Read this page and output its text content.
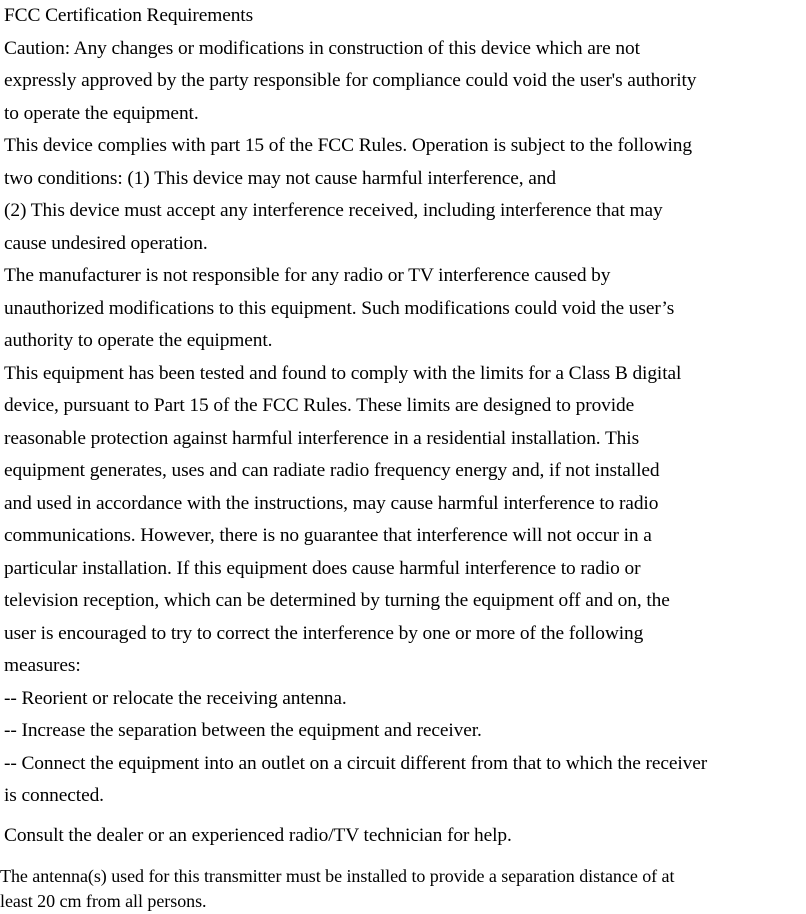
FCC Certification Requirements
Caution: Any changes or modifications in construction of this device which are not
expressly approved by the party responsible for compliance could void the user's authority
to operate the equipment.
This device complies with part 15 of the FCC Rules. Operation is subject to the following
two conditions: (1) This device may not cause harmful interference, and
(2) This device must accept any interference received, including interference that may
cause undesired operation.
The manufacturer is not responsible for any radio or TV interference caused by
unauthorized modifications to this equipment. Such modifications could void the user’s
authority to operate the equipment.
This equipment has been tested and found to comply with the limits for a Class B digital
device, pursuant to Part 15 of the FCC Rules. These limits are designed to provide
reasonable protection against harmful interference in a residential installation. This
equipment generates, uses and can radiate radio frequency energy and, if not installed
and used in accordance with the instructions, may cause harmful interference to radio
communications. However, there is no guarantee that interference will not occur in a
particular installation. If this equipment does cause harmful interference to radio or
television reception, which can be determined by turning the equipment off and on, the
user is encouraged to try to correct the interference by one or more of the following
measures:
-- Reorient or relocate the receiving antenna.
-- Increase the separation between the equipment and receiver.
-- Connect the equipment into an outlet on a circuit different from that to which the receiver
is connected.
Consult the dealer or an experienced radio/TV technician for help.
The antenna(s) used for this transmitter must be installed to provide a separation distance of at
least 20 cm from all persons.
